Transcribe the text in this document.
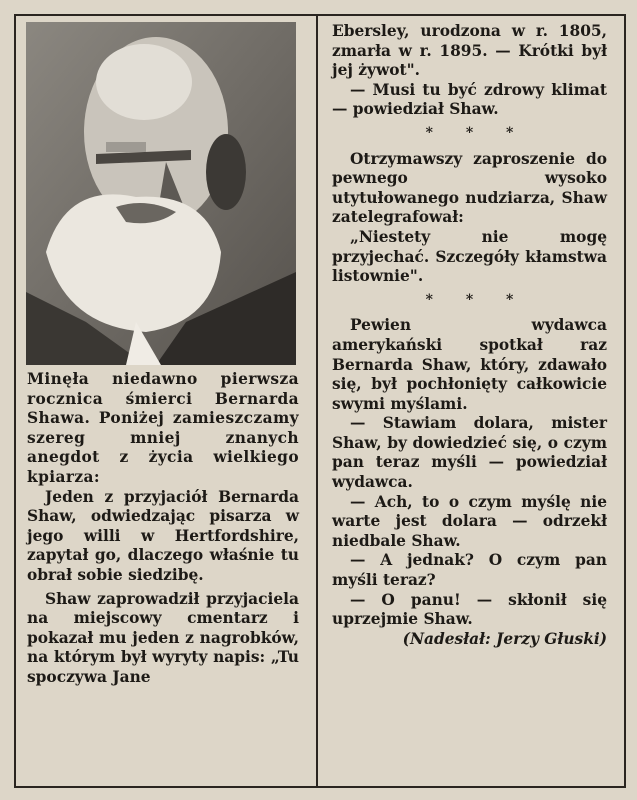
Minęła niedawno pierwsza rocznica śmierci Bernarda Shawa. Poniżej zamieszczamy szereg mniej znanych anegdot z życia wielkiego kpiarza:

Jeden z przyjaciół Bernarda Shaw, odwiedzając pisarza w jego willi w Hertfordshire, zapytał go, dlaczego właśnie tu obrał sobie siedzibę.

Shaw zaprowadził przyjaciela na miejscowy cmentarz i pokazał mu jeden z nagrobków, na którym był wyryty napis: „Tu spoczywa Jane

Ebersley, urodzona w r. 1805, zmarła w r. 1895. — Krótki był jej żywot".

— Musi tu być zdrowy klimat — powiedział Shaw.

* * *

Otrzymawszy zaproszenie do pewnego wysoko utytułowanego nudziarza, Shaw zatelegrafował:

„Niestety nie mogę przyjechać. Szczegóły kłamstwa listownie".

* * *

Pewien wydawca amerykański spotkał raz Bernarda Shaw, który, zdawało się, był pochłonięty całkowicie swymi myślami.

— Stawiam dolara, mister Shaw, by dowiedzieć się, o czym pan teraz myśli — powiedział wydawca.

— Ach, to o czym myślę nie warte jest dolara — odrzekł niedbale Shaw.

— A jednak? O czym pan myśli teraz?

— O panu! — skłonił się uprzejmie Shaw.

(Nadesłał: Jerzy Głuski)
